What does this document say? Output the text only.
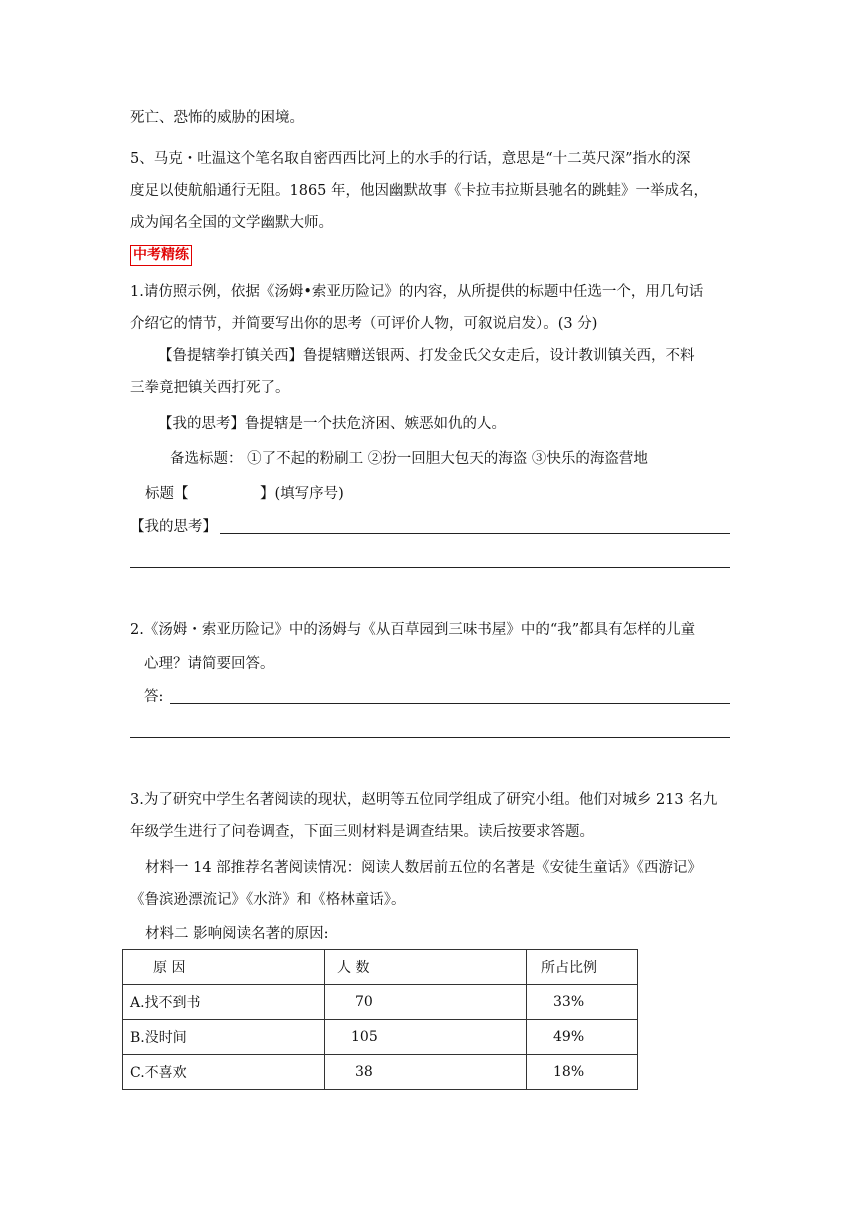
死亡、恐怖的威胁的困境。
5、马克・吐温这个笔名取自密西西比河上的水手的行话，意思是“十二英尺深”指水的深
度足以使航船通行无阻。1865 年，他因幽默故事《卡拉韦拉斯县驰名的跳蛙》一举成名，
成为闻名全国的文学幽默大师。
中考精练
1.请仿照示例，依据《汤姆•索亚历险记》的内容，从所提供的标题中任选一个，用几句话
介绍它的情节，并简要写出你的思考（可评价人物，可叙说启发）。(3 分)
【鲁提辖拳打镇关西】鲁提辖赠送银两、打发金氏父女走后，设计教训镇关西，不料
三拳竟把镇关西打死了。
【我的思考】鲁提辖是一个扶危济困、嫉恶如仇的人。
备选标题： ①了不起的粉刷工 ②扮一回胆大包天的海盗 ③快乐的海盗营地
标题【	】(填写序号)
【我的思考】
2.《汤姆・索亚历险记》中的汤姆与《从百草园到三味书屋》中的“我”都具有怎样的儿童
心理？请简要回答。
答:
3.为了研究中学生名著阅读的现状，赵明等五位同学组成了研究小组。他们对城乡 213 名九
年级学生进行了问卷调查，下面三则材料是调查结果。读后按要求答题。
材料一 14 部推荐名著阅读情况：阅读人数居前五位的名著是《安徒生童话》《西游记》
《鲁滨逊漂流记》《水浒》和《格林童话》。
材料二 影响阅读名著的原因:
原 因	人 数	所占比例
A.找不到书	70	33%
B.没时间	105	49%
C.不喜欢	38	18%
